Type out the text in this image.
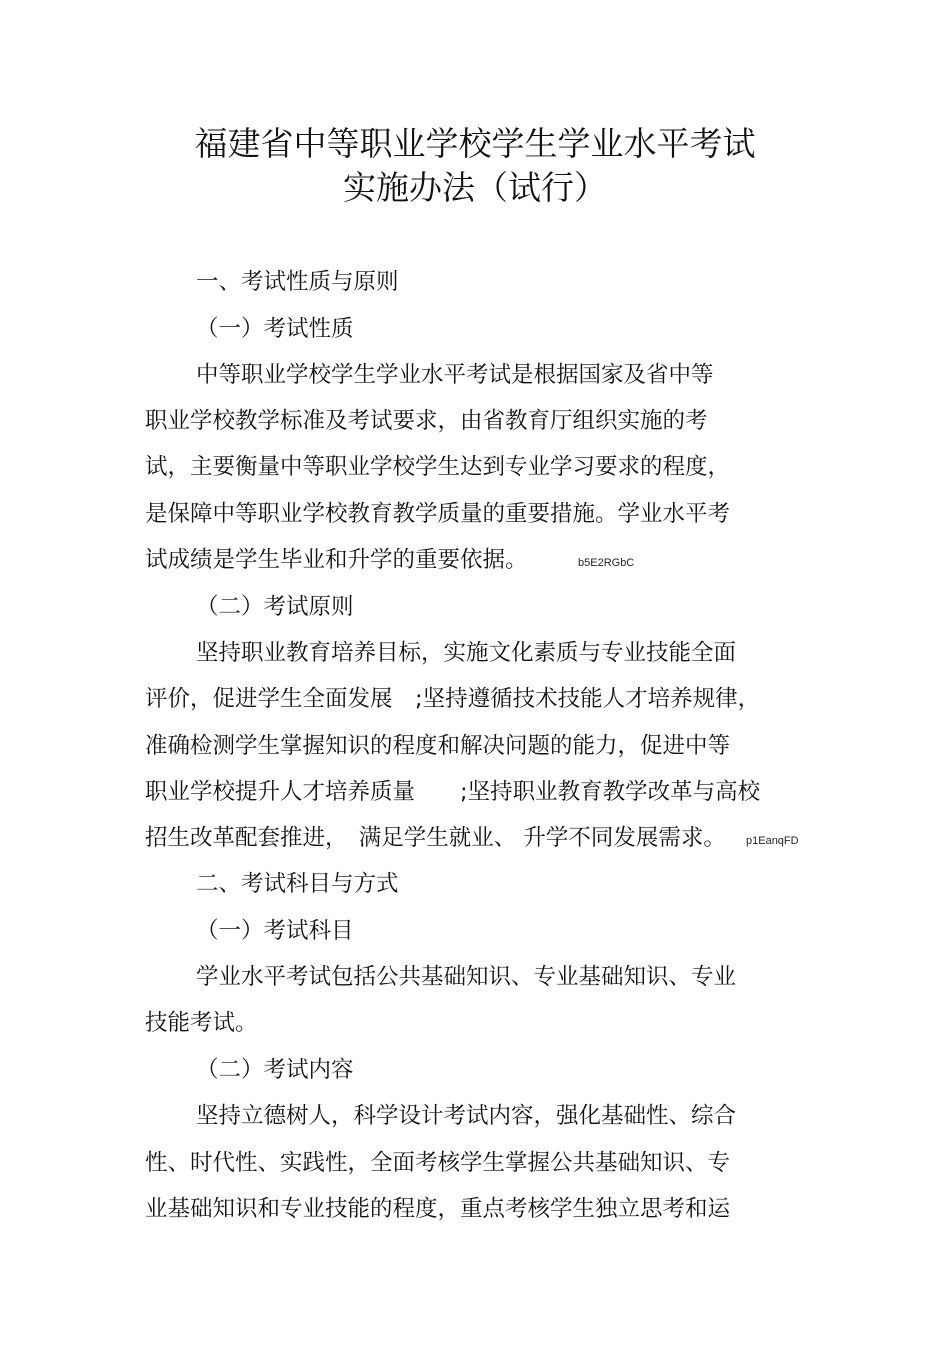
福建省中等职业学校学生学业水平考试
实施办法（试行）
一、考试性质与原则
（一）考试性质
中等职业学校学生学业水平考试是根据国家及省中等
职业学校教学标准及考试要求，由省教育厅组织实施的考
试，主要衡量中等职业学校学生达到专业学习要求的程度，
是保障中等职业学校教育教学质量的重要措施。学业水平考
试成绩是学生毕业和升学的重要依据。	b5E2RGbC
（二）考试原则
坚持职业教育培养目标，实施文化素质与专业技能全面
评价，促进学生全面发展　;坚持遵循技术技能人才培养规律，
准确检测学生掌握知识的程度和解决问题的能力，促进中等
职业学校提升人才培养质量　　;坚持职业教育教学改革与高校
招生改革配套推进，　满足学生就业、 升学不同发展需求。 p1EanqFD
二、考试科目与方式
（一）考试科目
学业水平考试包括公共基础知识、专业基础知识、专业
技能考试。
（二）考试内容
坚持立德树人，科学设计考试内容，强化基础性、综合
性、时代性、实践性，全面考核学生掌握公共基础知识、专
业基础知识和专业技能的程度，重点考核学生独立思考和运
